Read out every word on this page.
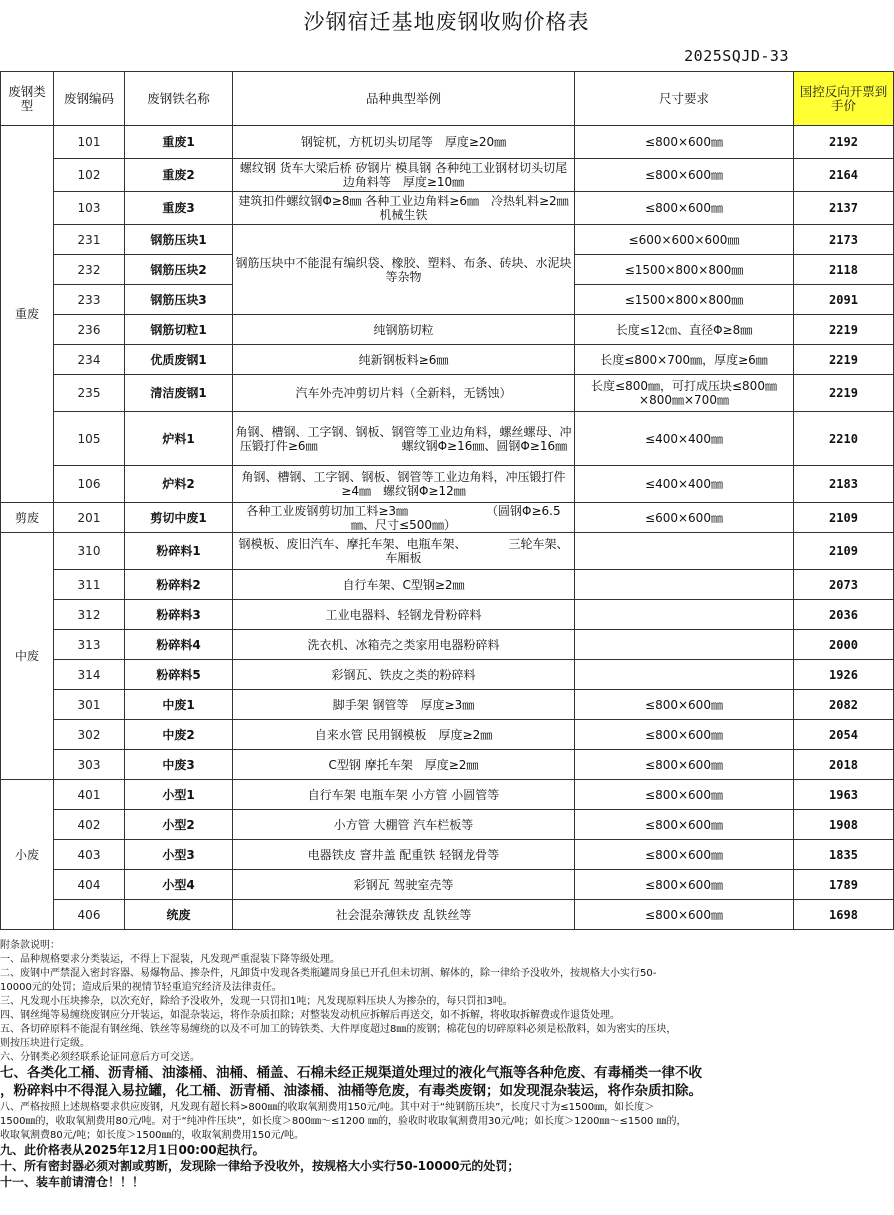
沙钢宿迁基地废钢收购价格表
2025SQJD-33
废钢类型	废钢编码	废钢铁名称	品种典型举例	尺寸要求	国控反向开票到手价
重废	101	重废1	钢锭杌，方杌切头切尾等　厚度≥20㎜	≤800×600㎜	2192
	102	重废2	螺纹钢 货车大梁后桥 矽钢片 模具钢 各种纯工业钢材切头切尾边角料等　厚度≥10㎜	≤800×600㎜	2164
	103	重废3	建筑扣件螺纹钢Φ≥8㎜ 各种工业边角料≥6㎜　冷热轧料≥2㎜　机械生铁	≤800×600㎜	2137
	231	钢筋压块1	钢筋压块中不能混有编织袋、橡胶、塑料、布条、砖块、水泥块等杂物	≤600×600×600㎜	2173
	232	钢筋压块2		≤1500×800×800㎜	2118
	233	钢筋压块3		≤1500×800×800㎜	2091
	236	钢筋切粒1	纯钢筋切粒	长度≤12㎝、直径Φ≥8㎜	2219
	234	优质废钢1	纯新钢板料≥6㎜	长度≤800×700㎜，厚度≥6㎜	2219
	235	清洁废钢1	汽车外壳冲剪切片料（全新料，无锈蚀）	长度≤800㎜，可打成压块≤800㎜×800㎜×700㎜	2219
	105	炉料1	角钢、槽钢、工字钢、钢板、钢管等工业边角料，螺丝螺母、冲压锻打件≥6㎜　　　　　　　螺纹钢Φ≥16㎜、圆钢Φ≥16㎜	≤400×400㎜	2210
	106	炉料2	角钢、槽钢、工字钢、钢板、钢管等工业边角料，冲压锻打件　≥4㎜　螺纹钢Φ≥12㎜	≤400×400㎜	2183

剪废	201	剪切中废1	各种工业废钢剪切加工料≥3㎜　　　　　　　（圆钢Φ≥6.5㎜、尺寸≤500㎜）	≤600×600㎜	2109
中废	310	粉碎料1	钢模板、废旧汽车、摩托车架、电瓶车架、　　　　三轮车架、车厢板		2109
	311	粉碎料2	自行车架、C型钢≥2㎜		2073
	312	粉碎料3	工业电器料、轻钢龙骨粉碎料		2036
	313	粉碎料4	洗衣机、冰箱壳之类家用电器粉碎料		2000
	314	粉碎料5	彩钢瓦、铁皮之类的粉碎料		1926
	301	中废1	脚手架 钢管等　厚度≥3㎜	≤800×600㎜	2082
	302	中废2	自来水管 民用钢模板　厚度≥2㎜	≤800×600㎜	2054
	303	中废3	C型钢 摩托车架　厚度≥2㎜	≤800×600㎜	2018
小废	401	小型1	自行车架 电瓶车架 小方管 小圆管等	≤800×600㎜	1963
	402	小型2	小方管 大棚管 汽车栏板等	≤800×600㎜	1908
	403	小型3	电器铁皮 窨井盖 配重铁 轻钢龙骨等	≤800×600㎜	1835
	404	小型4	彩钢瓦 驾驶室壳等	≤800×600㎜	1789
	406	统废	社会混杂薄铁皮 乱铁丝等	≤800×600㎜	1698
附条款说明：
一、品种规格要求分类装运，不得上下混装，凡发现严重混装下降等级处理。
二、废钢中严禁混入密封容器、易爆物品、掺杂件，凡卸货中发现各类瓶罐周身虽已开孔但未切割、解体的，除一律给予没收外，按规格大小实行50-
10000元的处罚；造成后果的视情节轻重追究经济及法律责任。
三、凡发现小压块掺杂，以次充好，除给予没收外，发现一只罚扣1吨；凡发现原料压块人为掺杂的，每只罚扣3吨。
四、钢丝绳等易缠绕废钢应分开装运，如混杂装运，将作杂质扣除；对整装发动机应拆解后再送交，如不拆解，将收取拆解费或作退货处理。
五、各切碎原料不能混有钢丝绳、铁丝等易缠绕的以及不可加工的铸铁类、大件厚度超过8㎜的废钢；棉花包的切碎原料必须是松散料，如为密实的压块，
则按压块进行定级。
六、分钢类必须经联系论证同意后方可交送。
七、各类化工桶、沥青桶、油漆桶、油桶、桶盖、石棉未经正规渠道处理过的液化气瓶等各种危废、有毒桶类一律不收
，粉碎料中不得混入易拉罐，化工桶、沥青桶、油漆桶、油桶等危废，有毒类废钢；如发现混杂装运，将作杂质扣除。
八、严格按照上述规格要求供应废钢，凡发现有超长料>800㎜的收取氧割费用150元/吨。其中对于“纯钢筋压块”，长度尺寸为≤1500㎜，如长度＞
1500㎜的，收取氧割费用80元/吨。对于“纯冲件压块”，如长度＞800㎜～≤1200 ㎜的，验收时收取氧割费用30元/吨；如长度＞1200㎜～≤1500 ㎜的，
收取氧割费80元/吨；如长度＞1500㎜的，收取氧割费用150元/吨。
九、此价格表从2025年12月1日00:00起执行。
十、所有密封器必须对割或剪断，发现除一律给予没收外，按规格大小实行50-10000元的处罚；
十一、装车前请清仓！！！
